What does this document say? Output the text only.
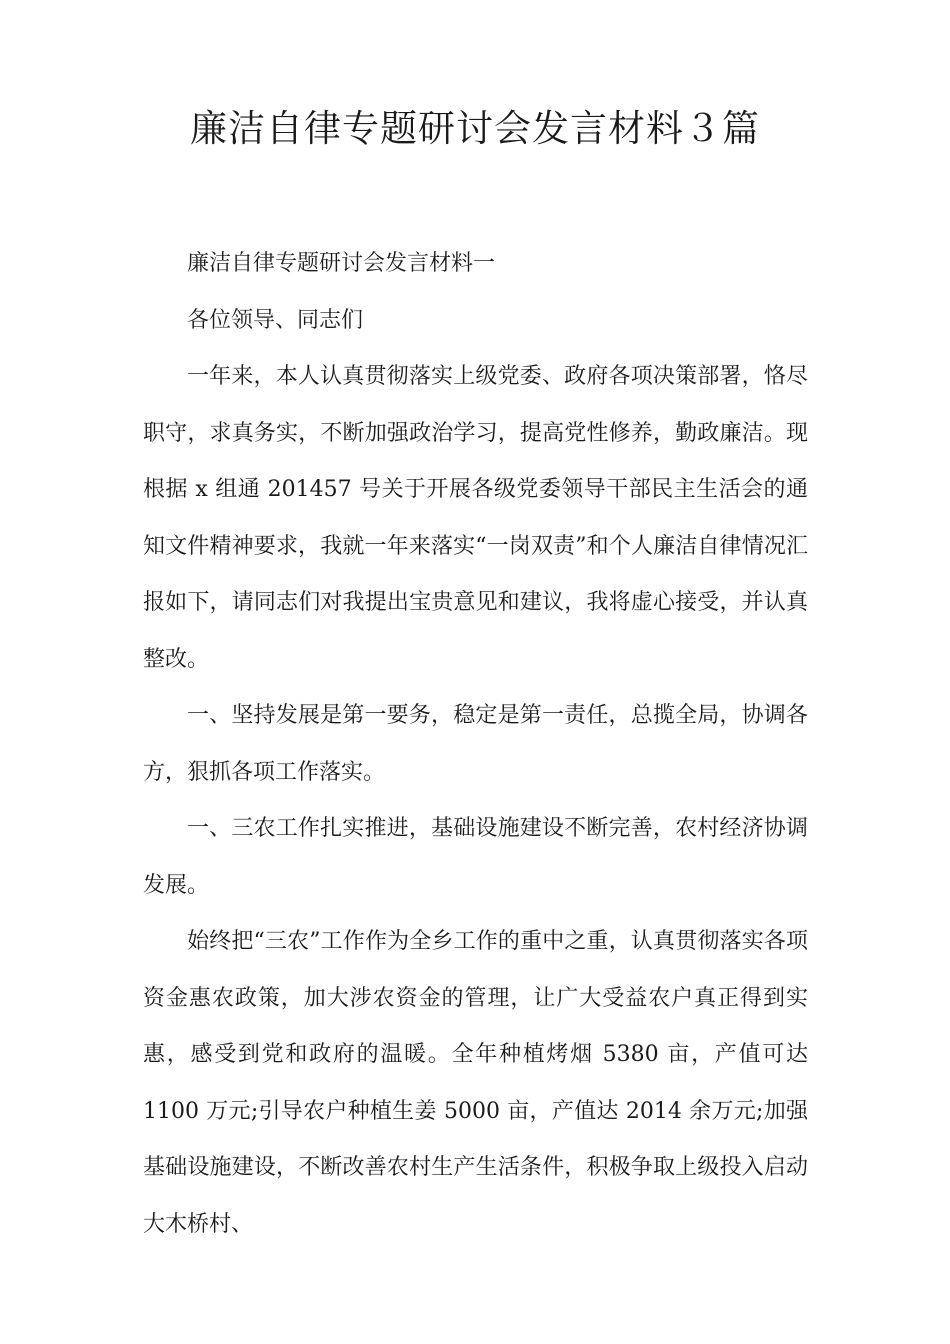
廉洁自律专题研讨会发言材料３篇

廉洁自律专题研讨会发言材料一

各位领导、同志们

一年来，本人认真贯彻落实上级党委、政府各项决策部署，恪尽职守，求真务实，不断加强政治学习，提高党性修养，勤政廉洁。现根据 x 组通 201457 号关于开展各级党委领导干部民主生活会的通知文件精神要求，我就一年来落实“一岗双责”和个人廉洁自律情况汇报如下，请同志们对我提出宝贵意见和建议，我将虚心接受，并认真整改。

一、坚持发展是第一要务，稳定是第一责任，总揽全局，协调各方，狠抓各项工作落实。

一、三农工作扎实推进，基础设施建设不断完善，农村经济协调发展。

始终把“三农”工作作为全乡工作的重中之重，认真贯彻落实各项资金惠农政策，加大涉农资金的管理，让广大受益农户真正得到实惠，感受到党和政府的温暖。全年种植烤烟 5380 亩，产值可达 1100 万元;引导农户种植生姜 5000 亩，产值达 2014 余万元;加强基础设施建设，不断改善农村生产生活条件，积极争取上级投入启动大木桥村、
